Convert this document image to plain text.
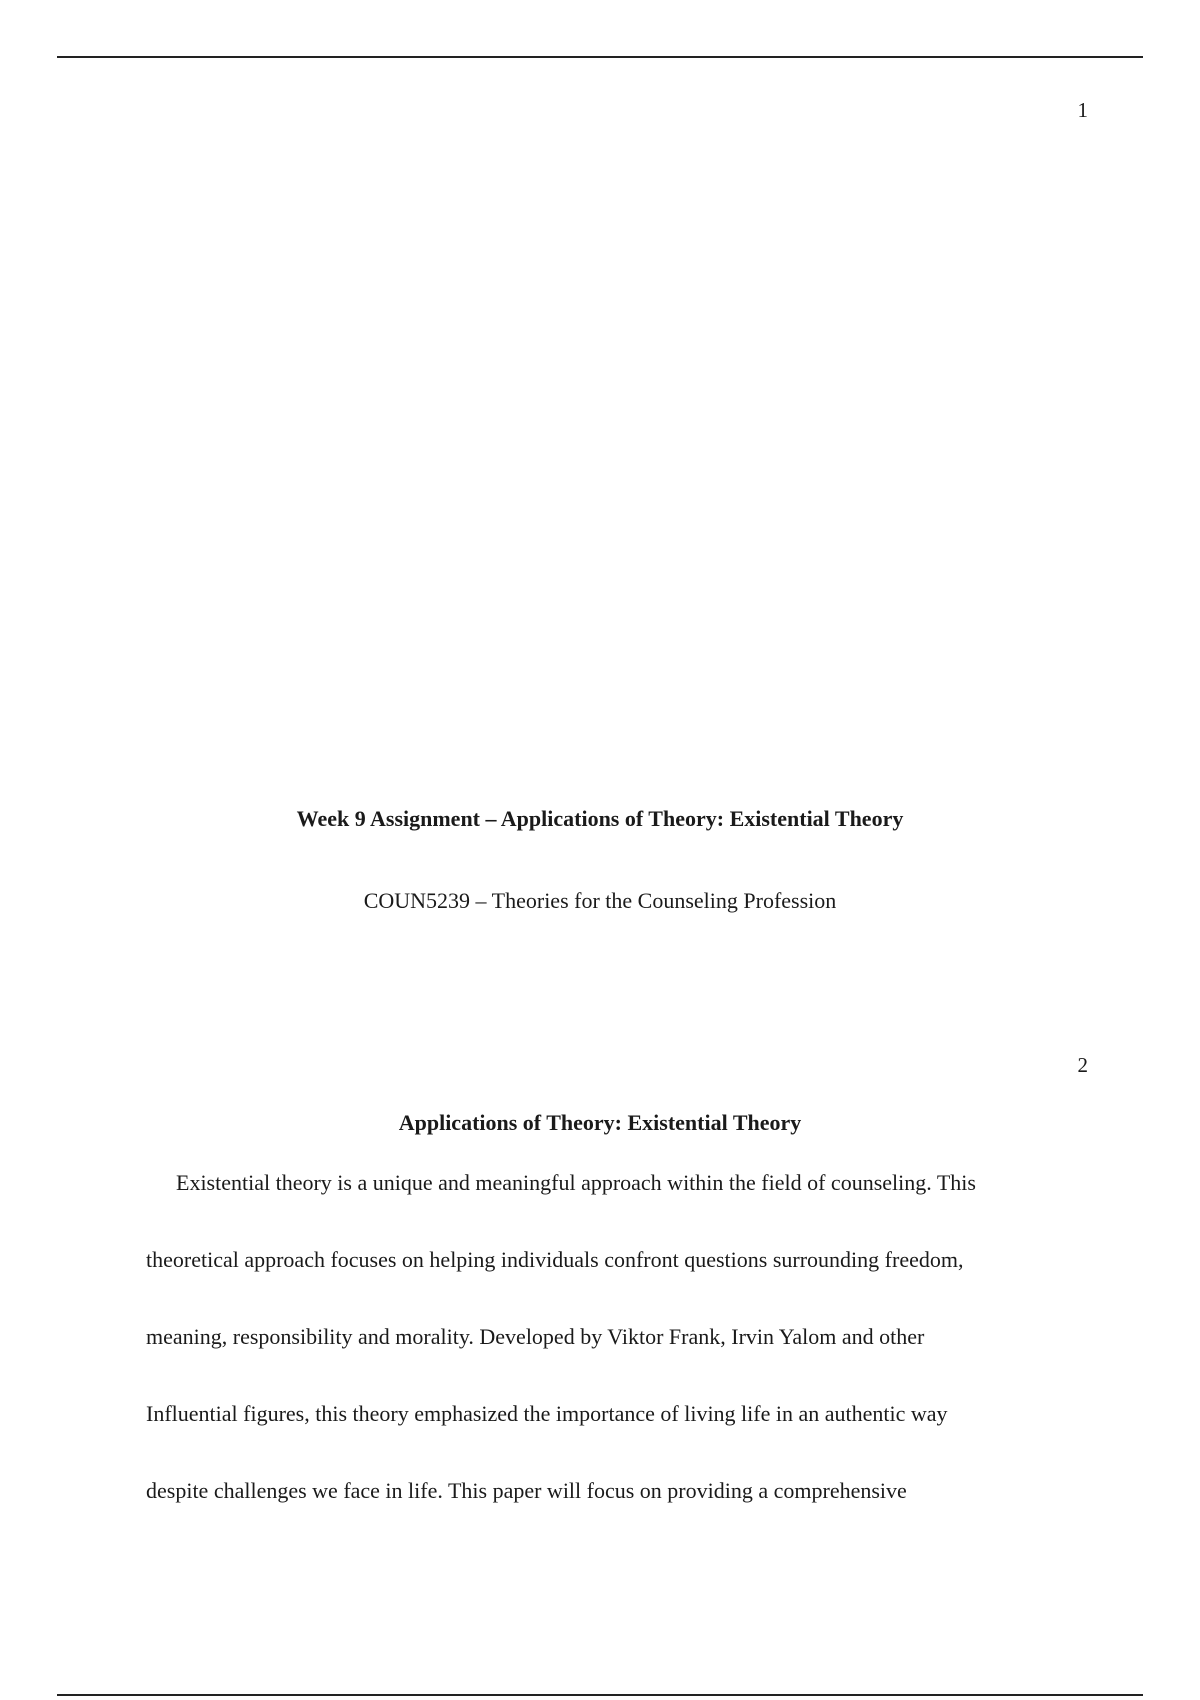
1
Week 9 Assignment – Applications of Theory: Existential Theory
COUN5239 – Theories for the Counseling Profession
2
Applications of Theory: Existential Theory
Existential theory is a unique and meaningful approach within the field of counseling. This
theoretical approach focuses on helping individuals confront questions surrounding freedom,
meaning, responsibility and morality. Developed by Viktor Frank, Irvin Yalom and other
Influential figures, this theory emphasized the importance of living life in an authentic way
despite challenges we face in life. This paper will focus on providing a comprehensive
